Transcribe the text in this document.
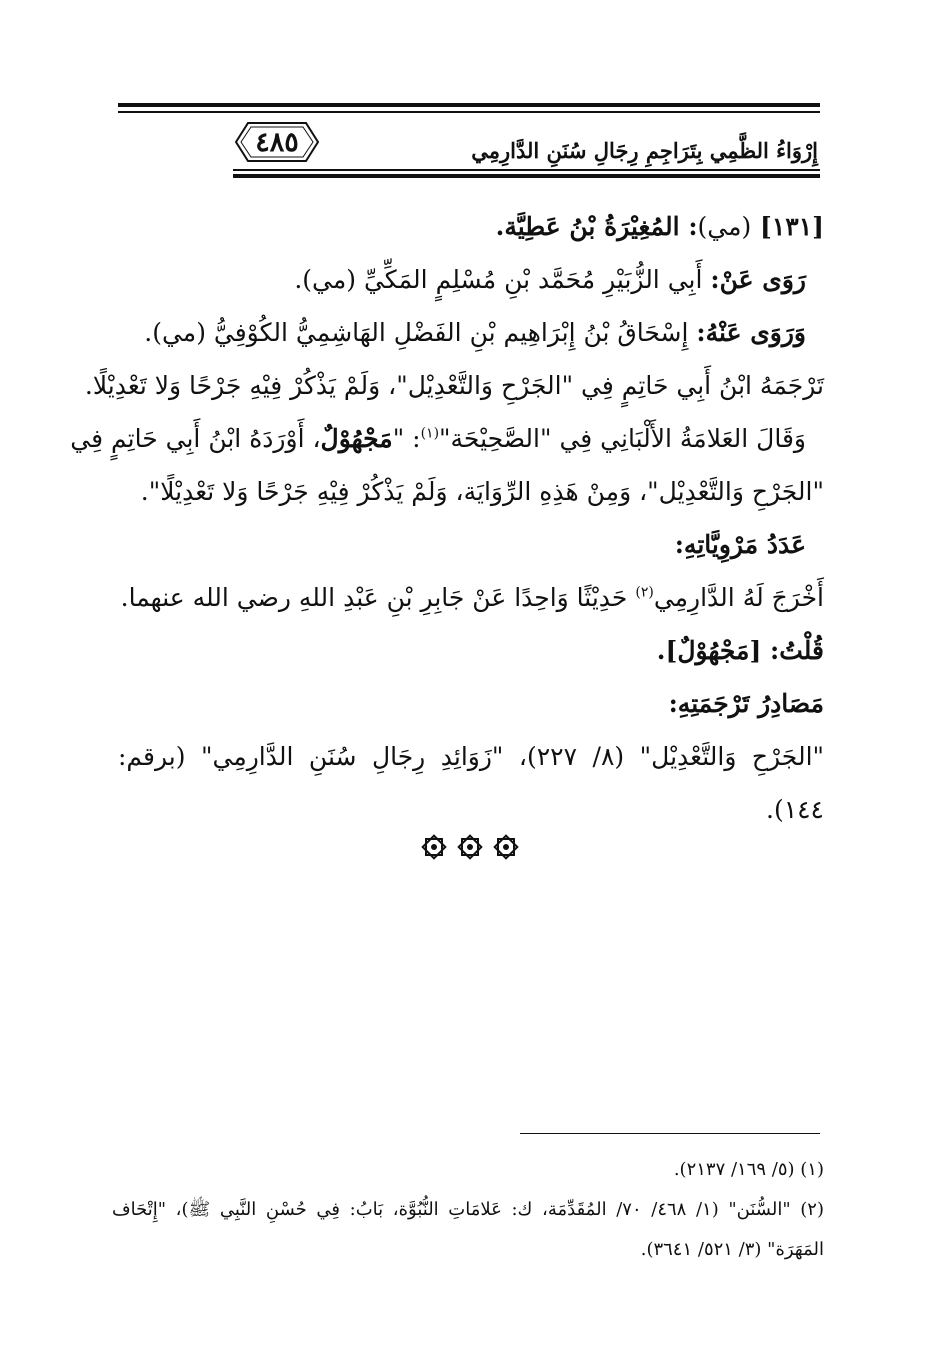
٤٨٥	إِرْوَاءُ الظَّمِي بِتَرَاجِمِ رِجَالِ سُنَنِ الدَّارِمِي
[١٣١] (مي): المُغِيْرَةُ بْنُ عَطِيَّة.
رَوَى عَنْ: أَبِي الزُّبَيْرِ مُحَمَّد بْنِ مُسْلِمٍ المَكِّيِّ (مي).
وَرَوَى عَنْهُ: إِسْحَاقُ بْنُ إِبْرَاهِيم بْنِ الفَضْلِ الهَاشِمِيُّ الكُوْفِيُّ (مي).
تَرْجَمَهُ ابْنُ أَبِي حَاتِمٍ فِي "الجَرْحِ وَالتَّعْدِيْل"، وَلَمْ يَذْكُرْ فِيْهِ جَرْحًا وَلا تَعْدِيْلًا.
وَقَالَ العَلامَةُ الأَلْبَانِي فِي "الصَّحِيْحَة"$^{(١)}$: "مَجْهُوْلٌ، أَوْرَدَهُ ابْنُ أَبِي حَاتِمٍ فِي
"الجَرْحِ وَالتَّعْدِيْل"، وَمِنْ هَذِهِ الرِّوَايَة، وَلَمْ يَذْكُرْ فِيْهِ جَرْحًا وَلا تَعْدِيْلًا".
عَدَدُ مَرْوِيَّاتِهِ:
أَخْرَجَ لَهُ الدَّارِمِي$^{(٢)}$ حَدِيْثًا وَاحِدًا عَنْ جَابِرِ بْنِ عَبْدِ اللهِ رضي الله عنهما.
قُلْتُ: [مَجْهُوْلٌ].
مَصَادِرُ تَرْجَمَتِهِ:
"الجَرْحِ وَالتَّعْدِيْل" (٨/ ٢٢٧)، "زَوَائِدِ رِجَالِ سُنَنِ الدَّارِمِي" (برقم:
١٤٤).
(١) (٥/ ١٦٩/ ٢١٣٧).
(٢) "السُّنَن" (١/ ٤٦٨/ ٧٠/ المُقَدِّمَة، ك: عَلامَاتِ النُّبُوَّة، بَابُ: فِي حُسْنِ النَّبِي ﷺ)، "إِتْحَاف
المَهَرَة" (٣/ ٥٢١/ ٣٦٤١).
